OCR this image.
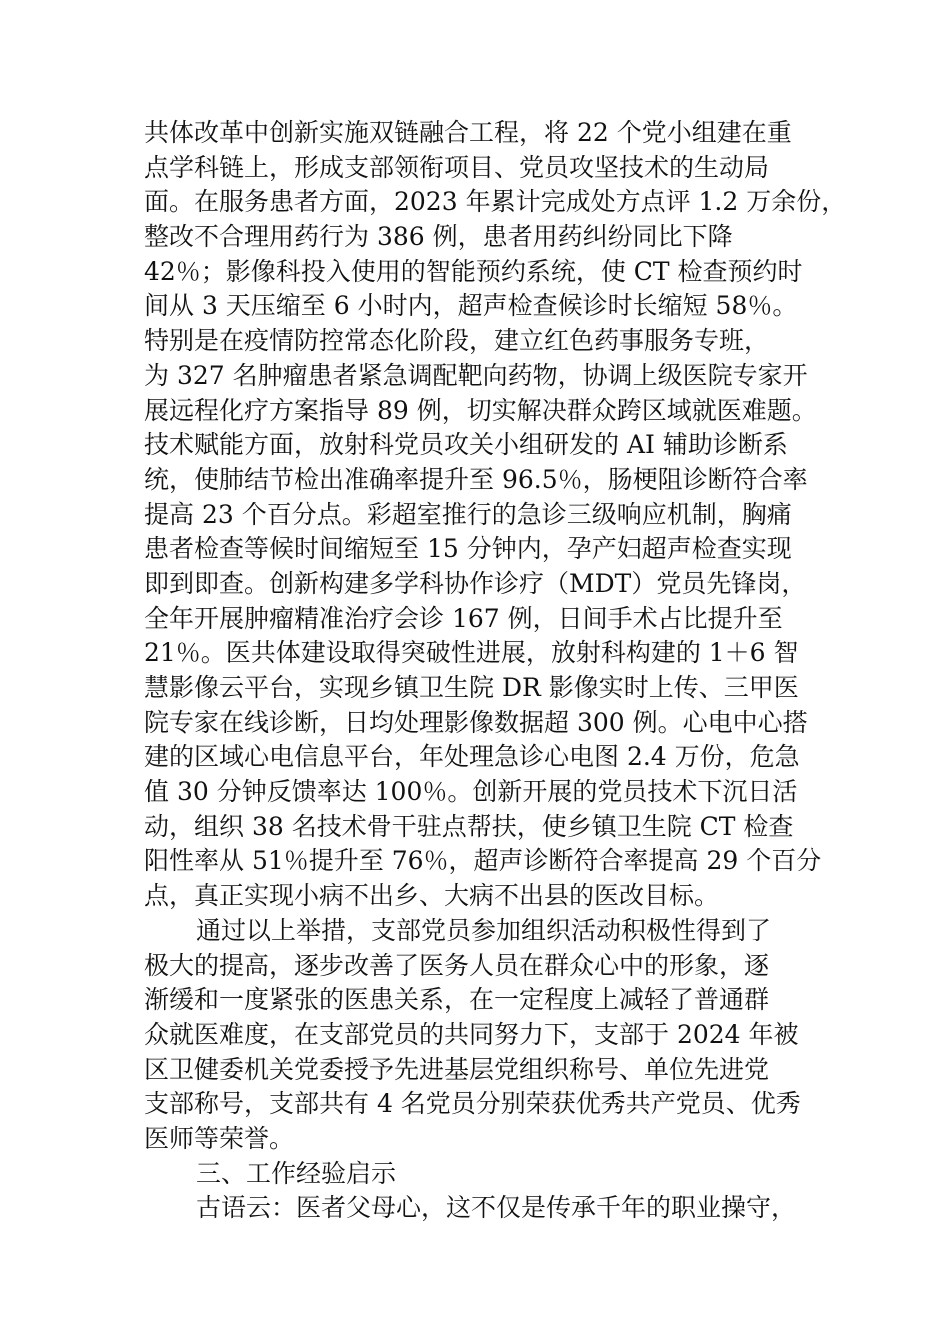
共体改革中创新实施双链融合工程，将 22 个党小组建在重
点学科链上，形成支部领衔项目、党员攻坚技术的生动局
面。在服务患者方面，2023 年累计完成处方点评 1.2 万余份，
整改不合理用药行为 386 例，患者用药纠纷同比下降
42％；影像科投入使用的智能预约系统，使 CT 检查预约时
间从 3 天压缩至 6 小时内，超声检查候诊时长缩短 58％。
特别是在疫情防控常态化阶段，建立红色药事服务专班，
为 327 名肿瘤患者紧急调配靶向药物，协调上级医院专家开
展远程化疗方案指导 89 例，切实解决群众跨区域就医难题。
技术赋能方面，放射科党员攻关小组研发的 AI 辅助诊断系
统，使肺结节检出准确率提升至 96.5％，肠梗阻诊断符合率
提高 23 个百分点。彩超室推行的急诊三级响应机制，胸痛
患者检查等候时间缩短至 15 分钟内，孕产妇超声检查实现
即到即查。创新构建多学科协作诊疗（MDT）党员先锋岗，
全年开展肿瘤精准治疗会诊 167 例，日间手术占比提升至
21％。医共体建设取得突破性进展，放射科构建的 1＋6 智
慧影像云平台，实现乡镇卫生院 DR 影像实时上传、三甲医
院专家在线诊断，日均处理影像数据超 300 例。心电中心搭
建的区域心电信息平台，年处理急诊心电图 2.4 万份，危急
值 30 分钟反馈率达 100％。创新开展的党员技术下沉日活
动，组织 38 名技术骨干驻点帮扶，使乡镇卫生院 CT 检查
阳性率从 51％提升至 76％，超声诊断符合率提高 29 个百分
点，真正实现小病不出乡、大病不出县的医改目标。
通过以上举措，支部党员参加组织活动积极性得到了
极大的提高，逐步改善了医务人员在群众心中的形象，逐
渐缓和一度紧张的医患关系，在一定程度上减轻了普通群
众就医难度，在支部党员的共同努力下，支部于 2024 年被
区卫健委机关党委授予先进基层党组织称号、单位先进党
支部称号，支部共有 4 名党员分别荣获优秀共产党员、优秀
医师等荣誉。
三、工作经验启示
古语云：医者父母心，这不仅是传承千年的职业操守，
